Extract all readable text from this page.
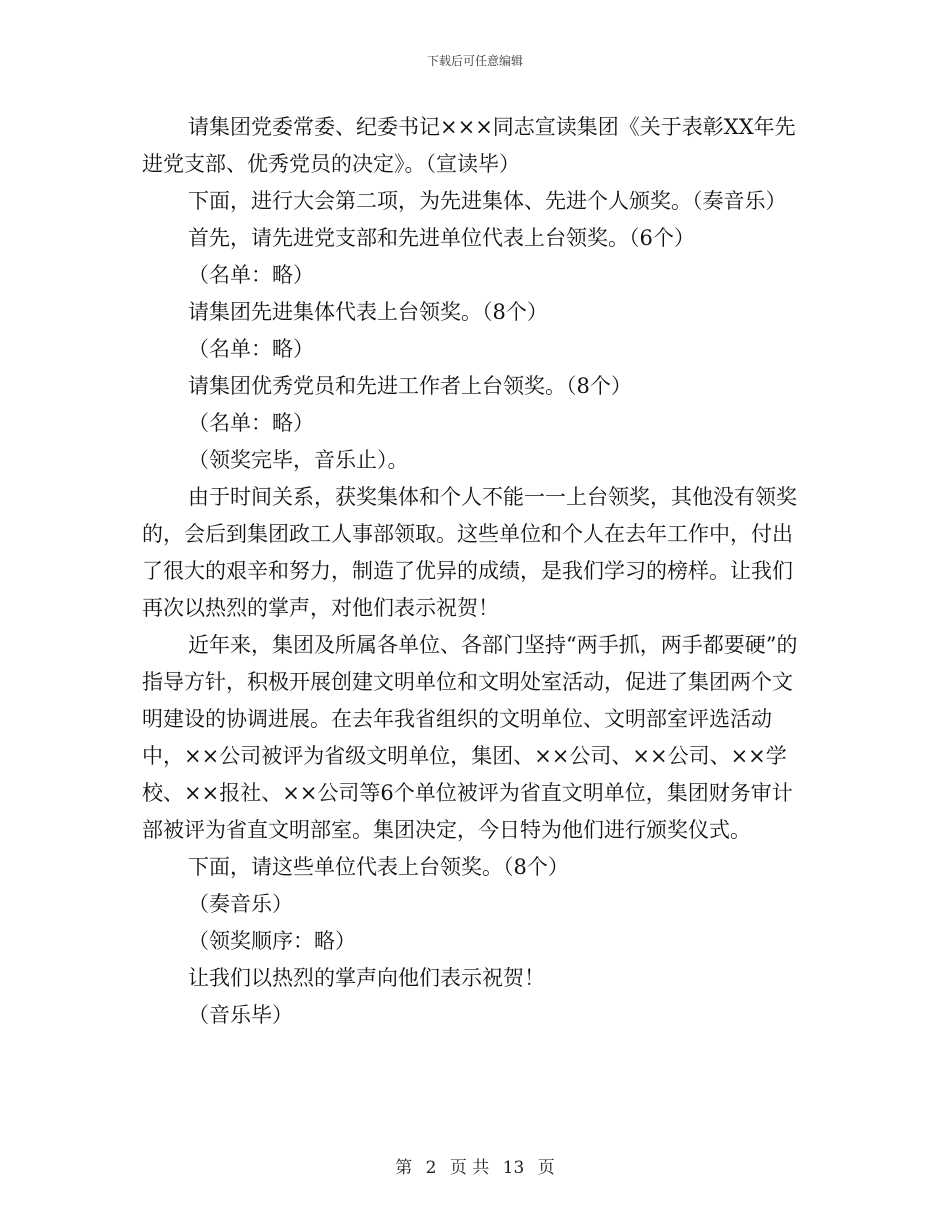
下载后可任意编辑

请集团党委常委、纪委书记×××同志宣读集团《关于表彰XX年先进党支部、优秀党员的决定》。（宣读毕）

下面，进行大会第二项，为先进集体、先进个人颁奖。（奏音乐）

首先，请先进党支部和先进单位代表上台领奖。（6个）

（名单：略）

请集团先进集体代表上台领奖。（8个）

（名单：略）

请集团优秀党员和先进工作者上台领奖。（8个）

（名单：略）

（领奖完毕，音乐止）。

由于时间关系，获奖集体和个人不能一一上台领奖，其他没有领奖的，会后到集团政工人事部领取。这些单位和个人在去年工作中，付出了很大的艰辛和努力，制造了优异的成绩，是我们学习的榜样。让我们再次以热烈的掌声，对他们表示祝贺！

近年来，集团及所属各单位、各部门坚持“两手抓，两手都要硬”的指导方针，积极开展创建文明单位和文明处室活动，促进了集团两个文明建设的协调进展。在去年我省组织的文明单位、文明部室评选活动中，××公司被评为省级文明单位，集团、××公司、××公司、××学校、××报社、××公司等6个单位被评为省直文明单位，集团财务审计部被评为省直文明部室。集团决定，今日特为他们进行颁奖仪式。

下面，请这些单位代表上台领奖。（8个）

（奏音乐）

（领奖顺序：略）

让我们以热烈的掌声向他们表示祝贺！

（音乐毕）

第 2 页 共 13 页
